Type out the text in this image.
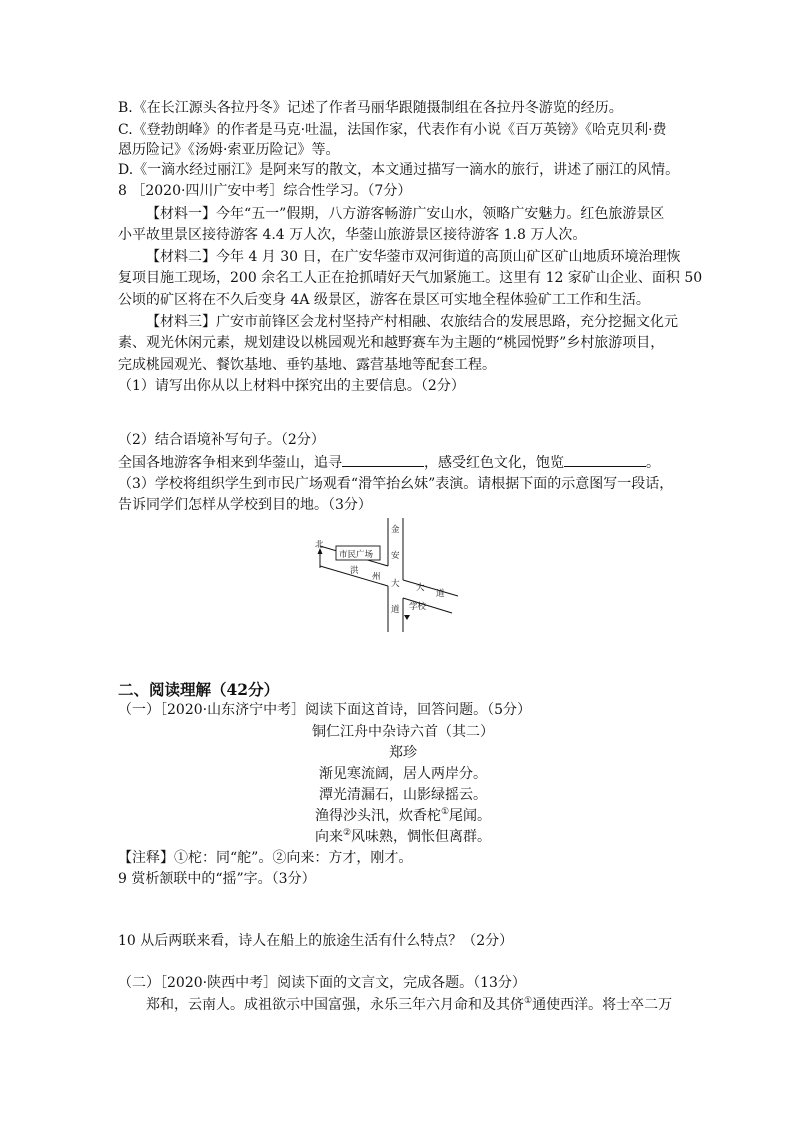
B.《在长江源头各拉丹冬》记述了作者马丽华跟随摄制组在各拉丹冬游览的经历。
C.《登勃朗峰》的作者是马克·吐温，法国作家，代表作有小说《百万英镑》《哈克贝利·费
恩历险记》《汤姆·索亚历险记》等。
D.《一滴水经过丽江》是阿来写的散文，本文通过描写一滴水的旅行，讲述了丽江的风情。
8 ［2020·四川广安中考］综合性学习。（7分）
【材料一】今年“五一”假期，八方游客畅游广安山水，领略广安魅力。红色旅游景区
小平故里景区接待游客 4.4 万人次，华蓥山旅游景区接待游客 1.8 万人次。
【材料二】今年 4 月 30 日，在广安华蓥市双河街道的高顶山矿区矿山地质环境治理恢
复项目施工现场，200 余名工人正在抢抓晴好天气加紧施工。这里有 12 家矿山企业、面积 50
公顷的矿区将在不久后变身 4A 级景区，游客在景区可实地全程体验矿工工作和生活。
【材料三】广安市前锋区会龙村坚持产村相融、农旅结合的发展思路，充分挖掘文化元
素、观光休闲元素，规划建设以桃园观光和越野赛车为主题的“桃园悦野”乡村旅游项目，
完成桃园观光、餐饮基地、垂钓基地、露营基地等配套工程。
（1）请写出你从以上材料中探究出的主要信息。（2分）
（2）结合语境补写句子。（2分）
全国各地游客争相来到华蓥山，追寻	，感受红色文化，饱览	。
（3）学校将组织学生到市民广场观看“滑竿抬幺妹”表演。请根据下面的示意图写一段话，
告诉同学们怎样从学校到目的地。（3分）
北
市民广场
金
安
大
道
洪
州
大
道
学校
二、阅读理解（42分）
（一）［2020·山东济宁中考］阅读下面这首诗，回答问题。（5分）
铜仁江舟中杂诗六首（其二）
郑珍
渐见寒流阔，居人两岸分。
潭光清漏石，山影绿摇云。
渔得沙头汛，炊香柁①尾闻。
向来②风味熟，惆怅但离群。
【注释】①柁：同“舵”。②向来：方才，刚才。
9 赏析颔联中的“摇”字。（3分）
10 从后两联来看，诗人在船上的旅途生活有什么特点？（2分）
（二）［2020·陕西中考］阅读下面的文言文，完成各题。（13分）
郑和，云南人。成祖欲示中国富强，永乐三年六月命和及其侪①通使西洋。将士卒二万
